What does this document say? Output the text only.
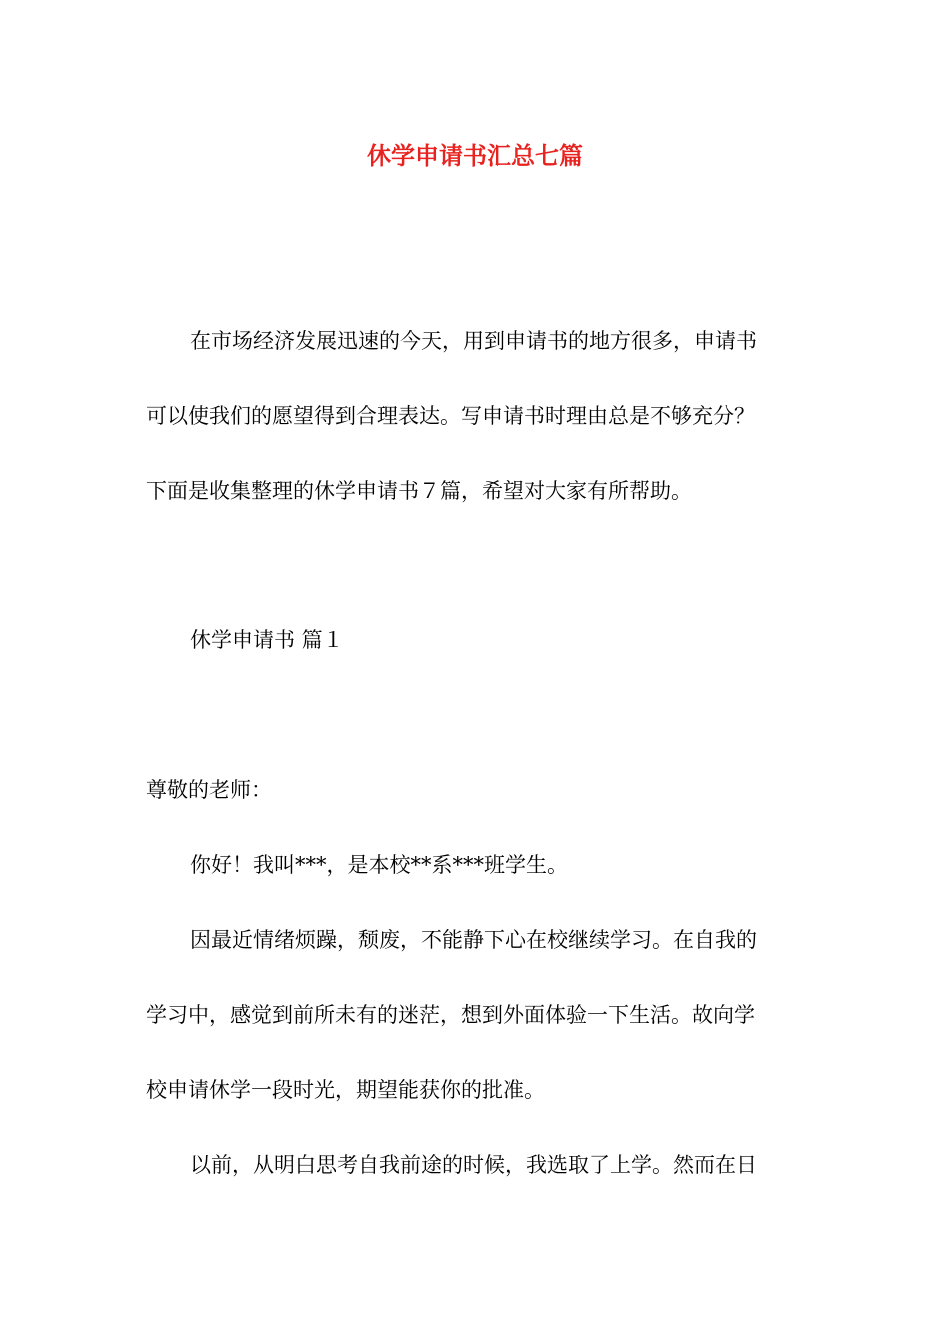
休学申请书汇总七篇
在市场经济发展迅速的今天，用到申请书的地方很多，申请书
可以使我们的愿望得到合理表达。写申请书时理由总是不够充分？
下面是收集整理的休学申请书７篇，希望对大家有所帮助。
休学申请书 篇１
尊敬的老师：
你好！我叫***，是本校**系***班学生。
因最近情绪烦躁，颓废，不能静下心在校继续学习。在自我的
学习中，感觉到前所未有的迷茫，想到外面体验一下生活。故向学
校申请休学一段时光，期望能获你的批准。
以前，从明白思考自我前途的时候，我选取了上学。然而在日
